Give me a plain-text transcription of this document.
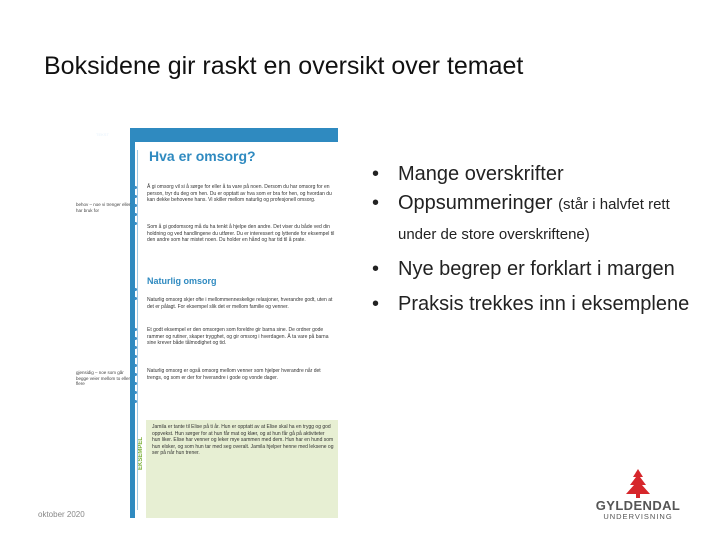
Boksidene gir raskt en oversikt over temaet
104 TEKST
Hva er omsorg?
Å gi omsorg vil si å sørge for eller å ta vare på noen. Dersom du har omsorg for en person, tryr du deg om hen. Du er opptatt av hva som er bra for hen, og hvordan du kan dekke behovene hans. Vi skiller mellom naturlig og profesjonell omsorg.
Som å gi godomsorg må du ha tenkt å hjelpe den andre. Det viser du både ved din holdning og ved handlingene du utfører. Du er interessert og lyttende for eksempel til den andre som har mistet noen. Du holder en hånd og har tid til å prate.
Naturlig omsorg
Naturlig omsorg skjer ofte i mellommenneskelige relasjoner, hverandre godt, uten at det er pålagt. For eksempel slik det er mellom familie og venner.
Et godt eksempel er den omsorgen som foreldre gir barna sine. De ordner gode rammer og rutiner, skaper trygghet, og gir omsorg i hverdagen. Å ta vare på barna sine krever både tålmodighet og tid.
Naturlig omsorg er også omsorg mellom venner som hjelper hverandre når det trengs, og som er der for hverandre i gode og vonde dager.
behov – noe vi trenger eller har bruk for
gjensidig – noe som går begge veier mellom to eller flere
EKSEMPEL
Jamila er tante til Elise på ti år. Hun er opptatt av at Elise skal ha en trygg og god oppvekst. Hun sørger for at hun får mat og klær, og at hun får gå på aktiviteter hun liker. Elise har venner og leker mye sammen med dem. Hun har en hund som hun elsker, og som hun tar med seg overalt. Jamila hjelper henne med leksene og ser på når hun trener.
• Mange overskrifter
• Oppsummeringer (står i halvfet rett under de store overskriftene)
• Nye begrep er forklart i margen
• Praksis trekkes inn i eksemplene
oktober 2020
GYLDENDAL
UNDERVISNING
